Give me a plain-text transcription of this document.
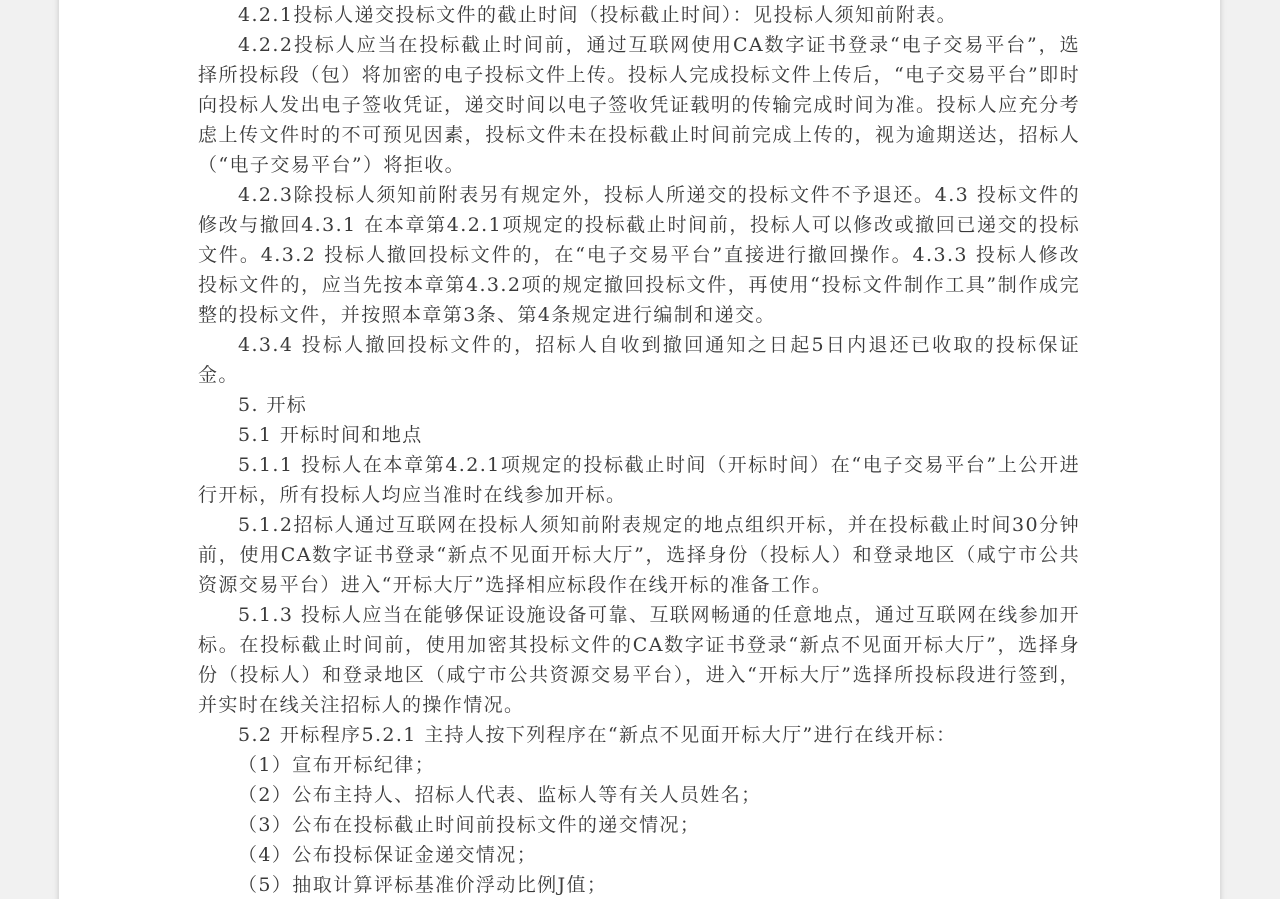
4.2.1投标人递交投标文件的截止时间（投标截止时间）：见投标人须知前附表。

4.2.2投标人应当在投标截止时间前，通过互联网使用CA数字证书登录“电子交易平台”，选择所投标段（包）将加密的电子投标文件上传。投标人完成投标文件上传后，“电子交易平台”即时向投标人发出电子签收凭证，递交时间以电子签收凭证载明的传输完成时间为准。投标人应充分考虑上传文件时的不可预见因素，投标文件未在投标截止时间前完成上传的，视为逾期送达，招标人（“电子交易平台”）将拒收。

4.2.3除投标人须知前附表另有规定外，投标人所递交的投标文件不予退还。4.3 投标文件的修改与撤回4.3.1 在本章第4.2.1项规定的投标截止时间前，投标人可以修改或撤回已递交的投标文件。4.3.2 投标人撤回投标文件的，在“电子交易平台”直接进行撤回操作。4.3.3 投标人修改投标文件的，应当先按本章第4.3.2项的规定撤回投标文件，再使用“投标文件制作工具”制作成完整的投标文件，并按照本章第3条、第4条规定进行编制和递交。

4.3.4 投标人撤回投标文件的，招标人自收到撤回通知之日起5日内退还已收取的投标保证金。

5. 开标

5.1 开标时间和地点

5.1.1 投标人在本章第4.2.1项规定的投标截止时间（开标时间）在“电子交易平台”上公开进行开标，所有投标人均应当准时在线参加开标。

5.1.2招标人通过互联网在投标人须知前附表规定的地点组织开标，并在投标截止时间30分钟前，使用CA数字证书登录“新点不见面开标大厅”，选择身份（投标人）和登录地区（咸宁市公共资源交易平台）进入“开标大厅”选择相应标段作在线开标的准备工作。

5.1.3 投标人应当在能够保证设施设备可靠、互联网畅通的任意地点，通过互联网在线参加开标。在投标截止时间前，使用加密其投标文件的CA数字证书登录“新点不见面开标大厅”，选择身份（投标人）和登录地区（咸宁市公共资源交易平台），进入“开标大厅”选择所投标段进行签到，并实时在线关注招标人的操作情况。

5.2 开标程序5.2.1 主持人按下列程序在“新点不见面开标大厅”进行在线开标：

（1）宣布开标纪律；

（2）公布主持人、招标人代表、监标人等有关人员姓名；

（3）公布在投标截止时间前投标文件的递交情况；

（4）公布投标保证金递交情况；

（5）抽取计算评标基准价浮动比例J值；
